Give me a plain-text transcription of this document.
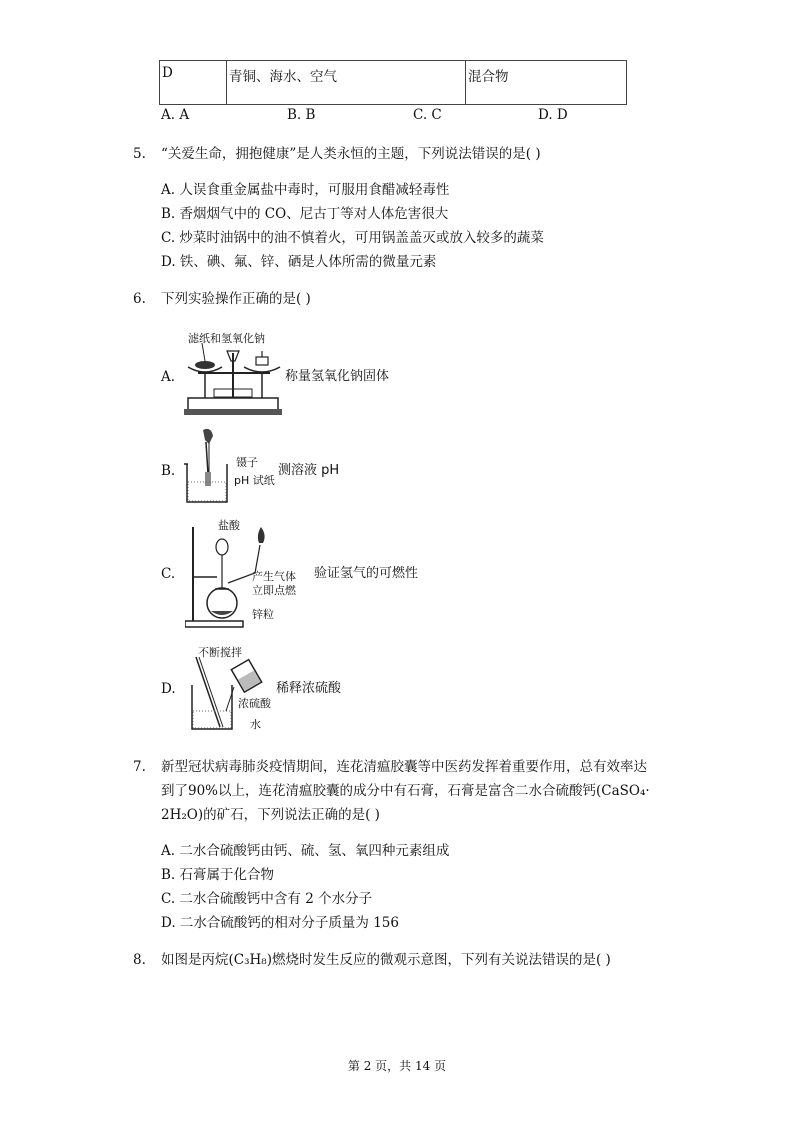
D	青铜、海水、空气	混合物
A. A	B. B	C. C	D. D
5. “关爱生命，拥抱健康”是人类永恒的主题，下列说法错误的是( )
A. 人误食重金属盐中毒时，可服用食醋减轻毒性
B. 香烟烟气中的 CO、尼古丁等对人体危害很大
C. 炒菜时油锅中的油不慎着火，可用锅盖盖灭或放入较多的蔬菜
D. 铁、碘、氟、锌、硒是人体所需的微量元素
6. 下列实验操作正确的是( )
A.
滤纸和氢氧化钠
称量氢氧化钠固体
B.
镊子
pH 试纸
测溶液 pH
C.
盐酸
产生气体
立即点燃
锌粒
验证氢气的可燃性
D.
不断搅拌
浓硫酸
水
稀释浓硫酸
7. 新型冠状病毒肺炎疫情期间，连花清瘟胶囊等中医药发挥着重要作用，总有效率达
到了90%以上，连花清瘟胶囊的成分中有石膏，石膏是富含二水合硫酸钙(CaSO₄·
2H₂O)的矿石，下列说法正确的是( )
A. 二水合硫酸钙由钙、硫、氢、氧四种元素组成
B. 石膏属于化合物
C. 二水合硫酸钙中含有 2 个水分子
D. 二水合硫酸钙的相对分子质量为 156
8. 如图是丙烷(C₃H₈)燃烧时发生反应的微观示意图，下列有关说法错误的是( )
第 2 页，共 14 页
